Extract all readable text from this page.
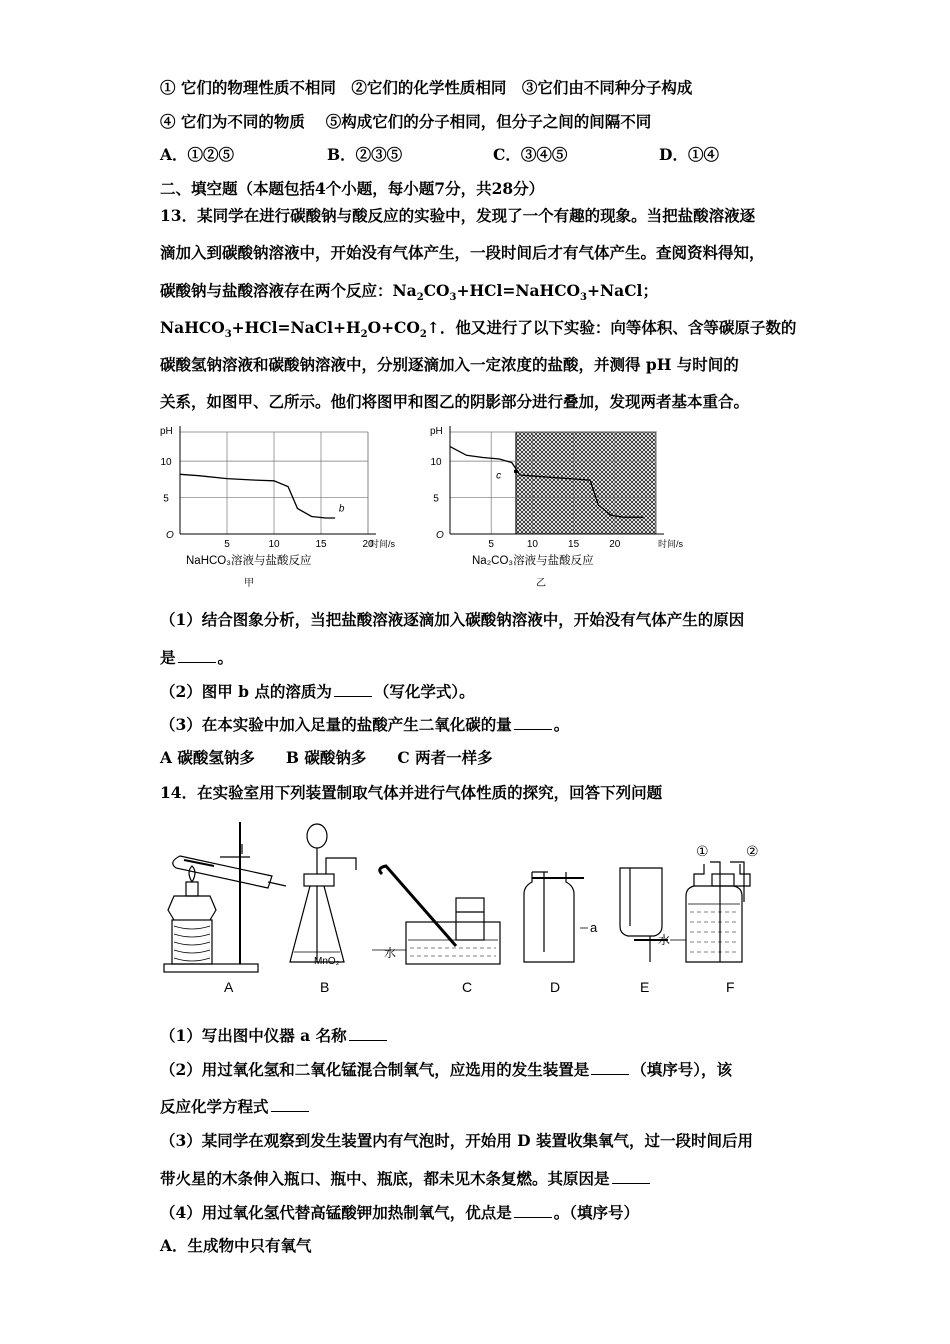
① 它们的物理性质不相同　②它们的化学性质相同　③它们由不同种分子构成
④ 它们为不同的物质　 ⑤构成它们的分子相同，但分子之间的间隔不同
A．①②⑤	B．②③⑤	C．③④⑤	D．①④
二、填空题（本题包括4个小题，每小题7分，共28分）
13．某同学在进行碳酸钠与酸反应的实验中，发现了一个有趣的现象。当把盐酸溶液逐
滴加入到碳酸钠溶液中，开始没有气体产生，一段时间后才有气体产生。查阅资料得知，
碳酸钠与盐酸溶液存在两个反应：$Na_2CO_3+HCl=NaHCO_3+NaCl$；
$NaHCO_3+HCl=NaCl+H_2O+CO_2↑$．他又进行了以下实验：向等体积、含等碳原子数的
碳酸氢钠溶液和碳酸钠溶液中，分别逐滴加入一定浓度的盐酸，并测得 pH 与时间的
关系，如图甲、乙所示。他们将图甲和图乙的阴影部分进行叠加，发现两者基本重合。
pH
O
5
10
5	10	15	20
时间/s
b
NaHCO₃溶液与盐酸反应
甲
pH
O
5
10
5	10	15	20	时间/s
c
Na₂CO₃溶液与盐酸反应
乙
（1）结合图象分析，当把盐酸溶液逐滴加入碳酸钠溶液中，开始没有气体产生的原因
是	。
（2）图甲 b 点的溶质为	（写化学式）。
（3）在本实验中加入足量的盐酸产生二氧化碳的量	。
A 碳酸氢钠多　　B 碳酸钠多　　C 两者一样多
14．在实验室用下列装置制取气体并进行气体性质的探究，回答下列问题
MnO₂
水
a
①	②
水
A	B	C	D	E	F
（1）写出图中仪器 a 名称
（2）用过氧化氢和二氧化锰混合制氧气，应选用的发生装置是	（填序号），该
反应化学方程式
（3）某同学在观察到发生装置内有气泡时，开始用 D 装置收集氧气，过一段时间后用
带火星的木条伸入瓶口、瓶中、瓶底，都未见木条复燃。其原因是
（4）用过氧化氢代替高锰酸钾加热制氧气，优点是	。（填序号）
A．生成物中只有氧气
